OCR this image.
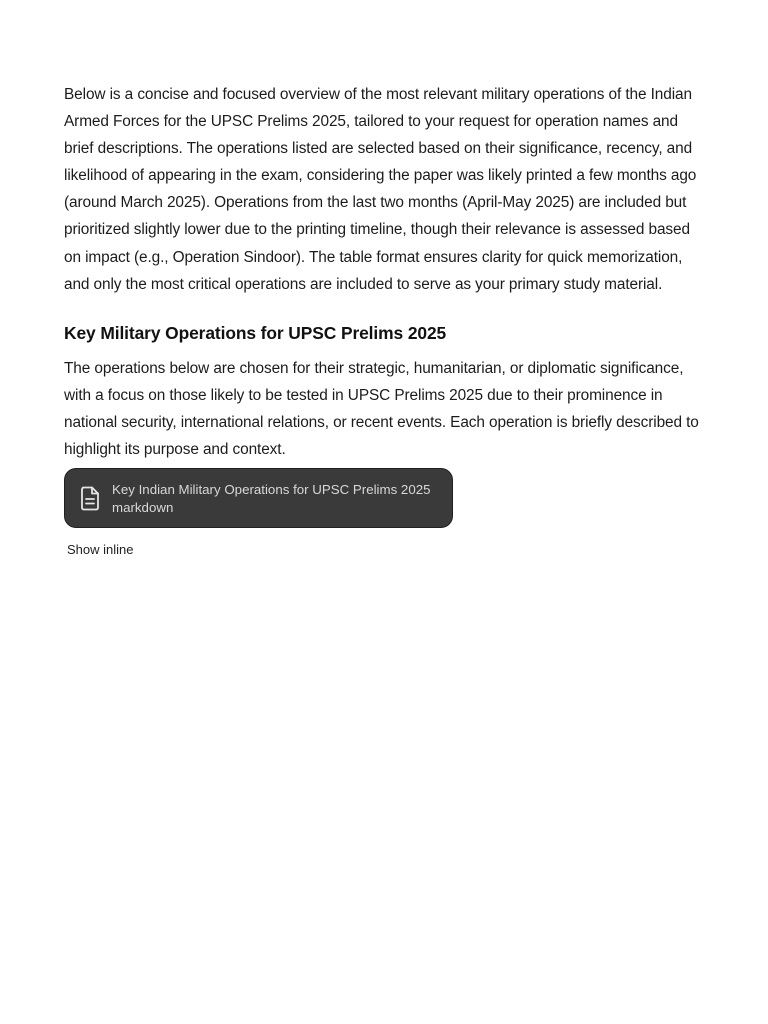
Below is a concise and focused overview of the most relevant military operations of the Indian Armed Forces for the UPSC Prelims 2025, tailored to your request for operation names and brief descriptions. The operations listed are selected based on their significance, recency, and likelihood of appearing in the exam, considering the paper was likely printed a few months ago (around March 2025). Operations from the last two months (April-May 2025) are included but prioritized slightly lower due to the printing timeline, though their relevance is assessed based on impact (e.g., Operation Sindoor). The table format ensures clarity for quick memorization, and only the most critical operations are included to serve as your primary study material.

Key Military Operations for UPSC Prelims 2025

The operations below are chosen for their strategic, humanitarian, or diplomatic significance, with a focus on those likely to be tested in UPSC Prelims 2025 due to their prominence in national security, international relations, or recent events. Each operation is briefly described to highlight its purpose and context.

Key Indian Military Operations for UPSC Prelims 2025
markdown
Show inline
